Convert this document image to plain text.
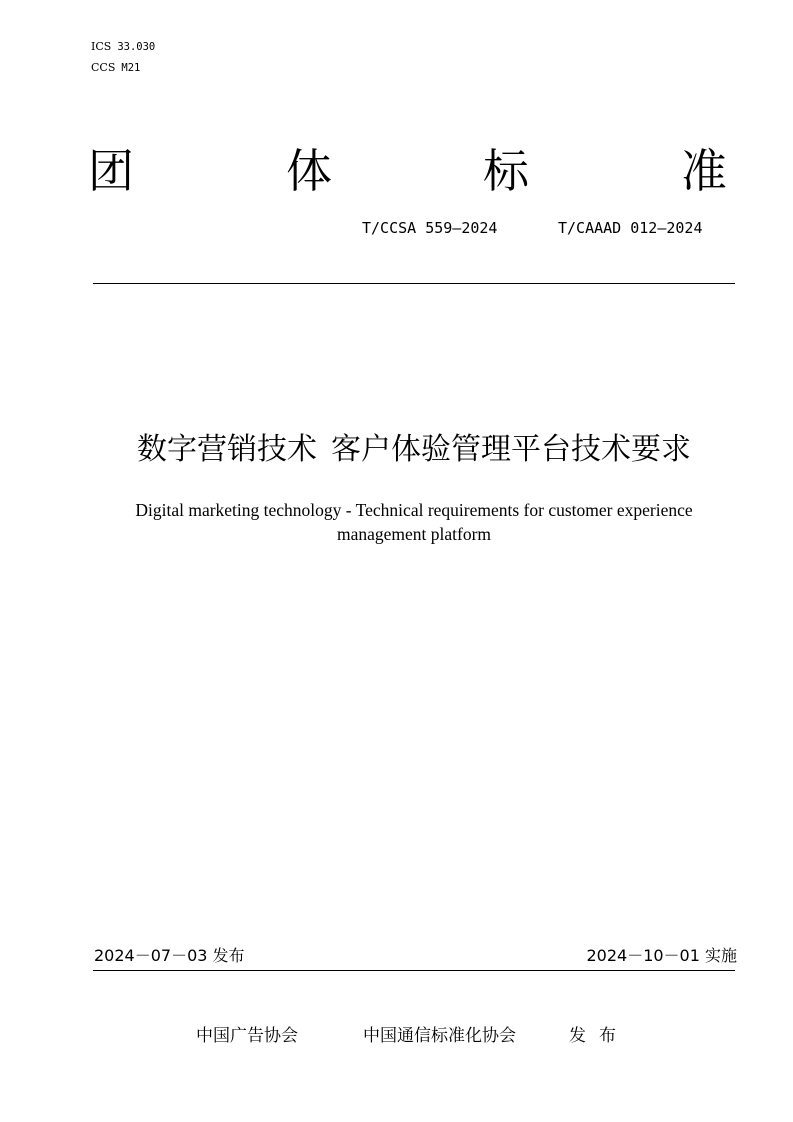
ICS 33.030
CCS M21
团	体	标	准
T/CCSA 559—2024	T/CAAAD 012—2024
数字营销技术 客户体验管理平台技术要求
Digital marketing technology - Technical requirements for customer experience management platform
2024－07－03 发布	2024－10－01 实施
中国广告协会	中国通信标准化协会	发布
